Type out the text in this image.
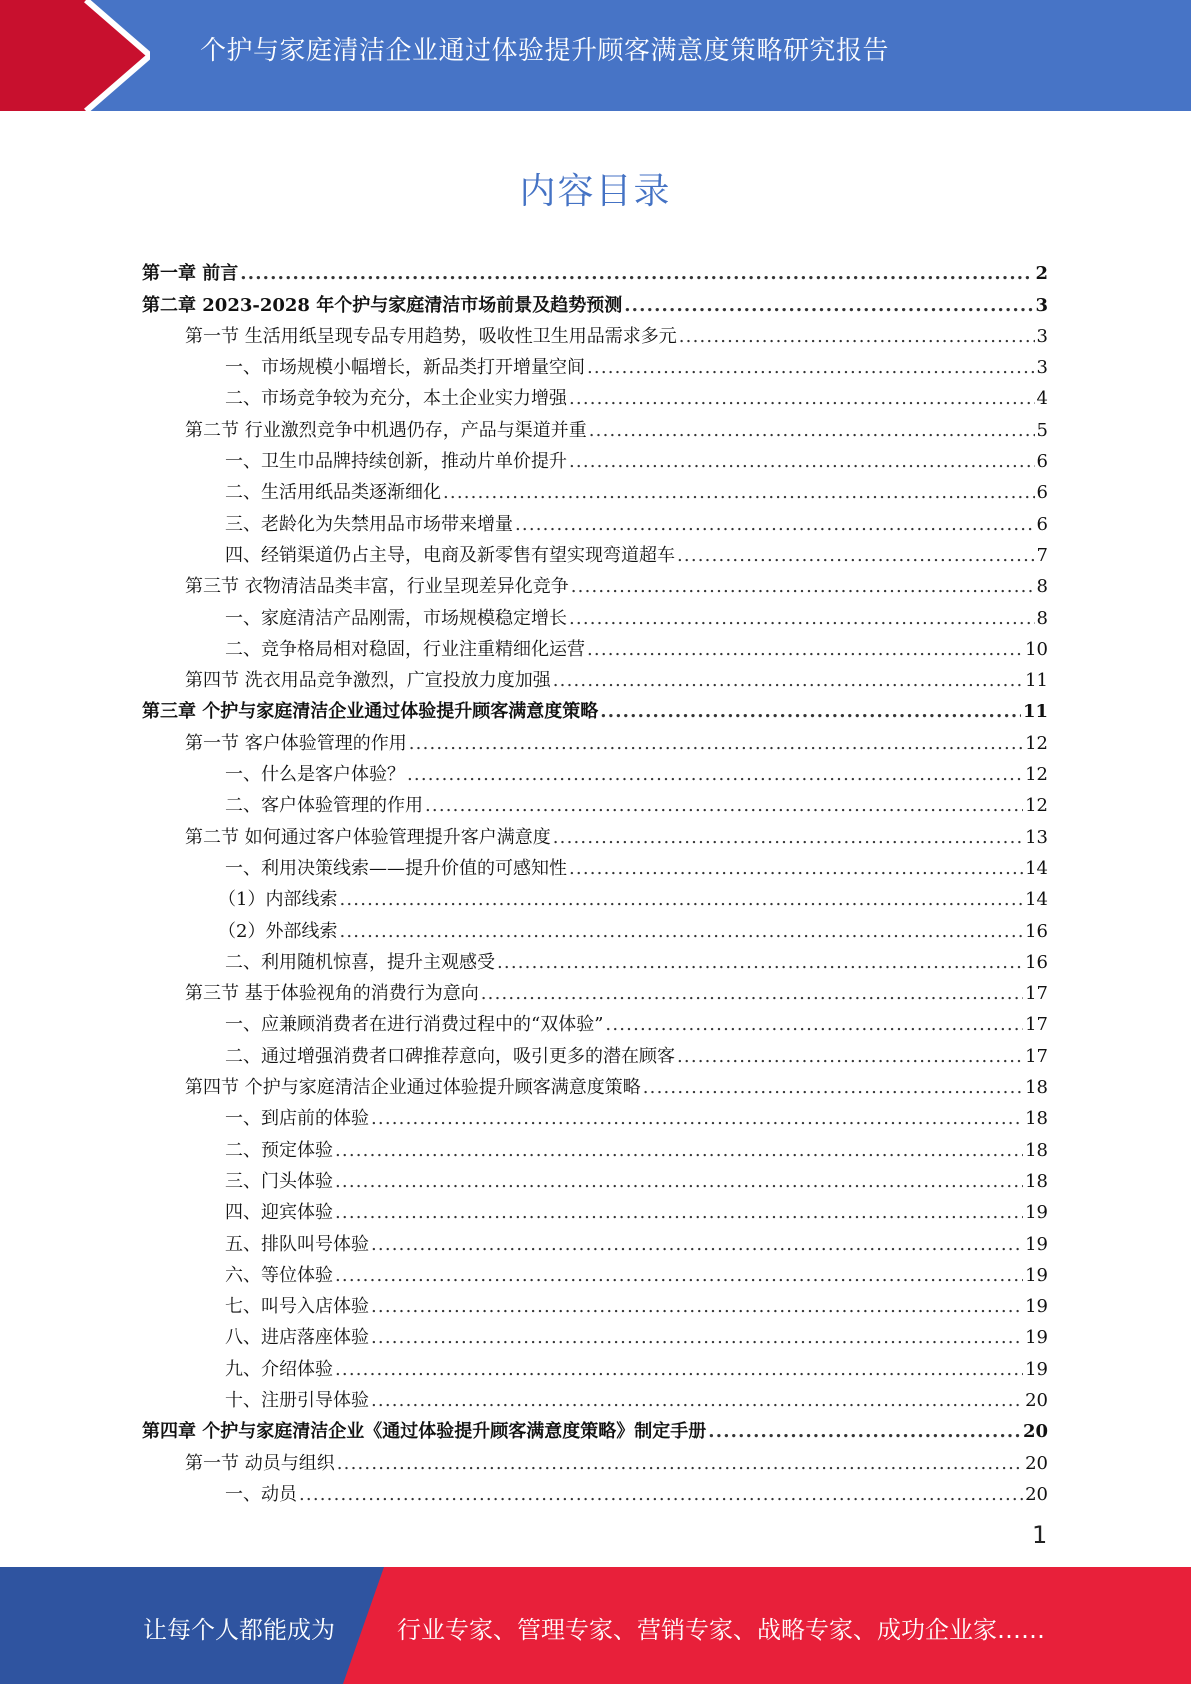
个护与家庭清洁企业通过体验提升顾客满意度策略研究报告
内容目录
第一章 前言 .....	2
第二章 2023-2028 年个护与家庭清洁市场前景及趋势预测 .....	3
第一节 生活用纸呈现专品专用趋势，吸收性卫生用品需求多元 .....	3
一、市场规模小幅增长，新品类打开增量空间 .....	3
二、市场竞争较为充分，本土企业实力增强 .....	4
第二节 行业激烈竞争中机遇仍存，产品与渠道并重 .....	5
一、卫生巾品牌持续创新，推动片单价提升 .....	6
二、生活用纸品类逐渐细化 .....	6
三、老龄化为失禁用品市场带来增量 .....	6
四、经销渠道仍占主导，电商及新零售有望实现弯道超车 .....	7
第三节 衣物清洁品类丰富，行业呈现差异化竞争 .....	8
一、家庭清洁产品刚需，市场规模稳定增长 .....	8
二、竞争格局相对稳固，行业注重精细化运营 .....	10
第四节 洗衣用品竞争激烈，广宣投放力度加强 .....	11
第三章 个护与家庭清洁企业通过体验提升顾客满意度策略 .....	11
第一节 客户体验管理的作用 .....	12
一、什么是客户体验？ .....	12
二、客户体验管理的作用 .....	12
第二节 如何通过客户体验管理提升客户满意度 .....	13
一、利用决策线索——提升价值的可感知性 .....	14
（1）内部线索 .....	14
（2）外部线索 .....	16
二、利用随机惊喜，提升主观感受 .....	16
第三节 基于体验视角的消费行为意向 .....	17
一、应兼顾消费者在进行消费过程中的“双体验” .....	17
二、通过增强消费者口碑推荐意向，吸引更多的潜在顾客 .....	17
第四节 个护与家庭清洁企业通过体验提升顾客满意度策略 .....	18
一、到店前的体验 .....	18
二、预定体验 .....	18
三、门头体验 .....	18
四、迎宾体验 .....	19
五、排队叫号体验 .....	19
六、等位体验 .....	19
七、叫号入店体验 .....	19
八、进店落座体验 .....	19
九、介绍体验 .....	19
十、注册引导体验 .....	20
第四章 个护与家庭清洁企业《通过体验提升顾客满意度策略》制定手册 .....	20
第一节 动员与组织 .....	20
一、动员 .....	20
1
让每个人都能成为	行业专家、管理专家、营销专家、战略专家、成功企业家……
